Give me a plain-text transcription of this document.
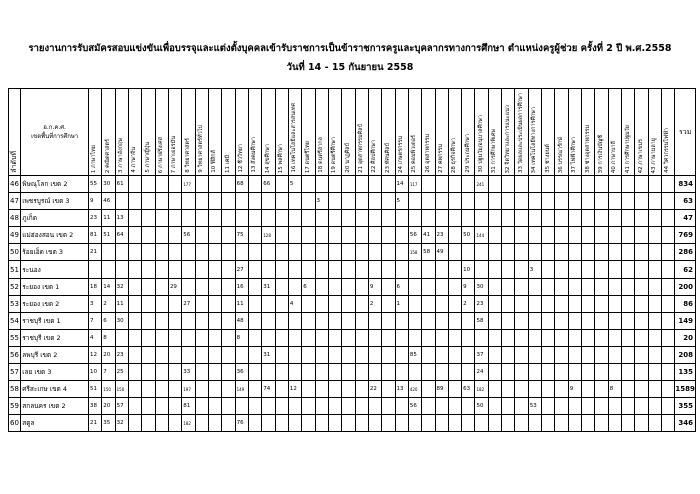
รายงานการรับสมัครสอบแข่งขันเพื่อบรรจุและแต่งตั้งบุคคลเข้ารับราชการเป็นข้าราชการครูและบุคลากรทางการศึกษา ตำแหน่งครูผู้ช่วย ครั้งที่ 2 ปี พ.ศ.2558
วันที่ 14 - 15 กันยายน 2558
ลำดับที่	อ.ก.ค.ศ.
เขตพื้นที่การศึกษา	1 ภาษาไทย	2 คณิตศาสตร์	3 ภาษาอังกฤษ	4 ภาษาจีน	5 ภาษาญี่ปุ่น	6 ภาษาฝรั่งเศส	7 ภาษาเยอรมัน	8 วิทยาศาสตร์	9 วิทยาศาสตร์ทั่วไป	10 ฟิสิกส์	11 เคมี	12 ชีววิทยา	13 สังคมศึกษา	14 สุขศึกษา	15 พลศึกษา	16 เทคโนโลยีและสารสนเทศ	17 ดนตรีไทย	18 ดนตรีสากล	19 ดนตรีศึกษา	20 นาฏศิลป์	21 อุตสาหกรรมศิลป์	22 ศิลปศึกษา	23 ทัศนศิลป์	24 เกษตรกรรม	25 คอมพิวเตอร์	26 อุตสาหกรรม	27 คหกรรม	28 ธุรกิจศึกษา	29 ประถมศึกษา	30 ปฐมวัย/อนุบาลศึกษา	31 การศึกษาพิเศษ	32 จิตวิทยาและการแนะแนว	33 วัดผลและประเมินผลการศึกษา	34 เทคโนโลยีทางการศึกษา	35 ช่างยนต์	36 บรรณารักษ์	37 ไฟฟ้าศึกษา	38 ช่างอุตสาหกรรม	39 การเงินบัญชี	40 ภาษาบาลี	41 การศึกษาปฐมวัย	42 ภาษาเขมร	43 ภาษามลายู	44 วิศวกรรมไฟฟ้า	รวม
46	พิษณุโลก เขต 2	55	30	61					177				68		66		5								14	117					241															834
47	เพชรบูรณ์ เขต 3	9	46																3						5																					63
48	ภูเก็ต	23	11	13																																										47
49	แม่ฮ่องสอน เขต 2	81	51	64					56				75		128											56	41	23		50	144															769
50	ร้อยเอ็ด เขต 3	21																								158	58	49																		286
51	ระนอง												27																	10					3											62
52	ระยอง เขต 1	18	14	32				29					16		31			6					9		6					9	30															200
53	ระยอง เขต 2	3	2	11					27				11				4						2		1					2	23															86
54	ราชบุรี เขต 1	7	6	30									48																		58															149
55	ราชบุรี เขต 2	4	8										8																																	20
56	ลพบุรี เขต 2	12	20	23											31											85					37															208
57	เลย เขต 3	10	7	25					33				36																		24															135
58	ศรีสะเกษ เขต 4	51	150	150					197				149		74		12						22		13	420		89		63	182							9			8					1589
59	สกลนคร เขต 2	38	20	57					81																	56					50				53											355
60	สตูล	21	35	32					182				76																																	346
